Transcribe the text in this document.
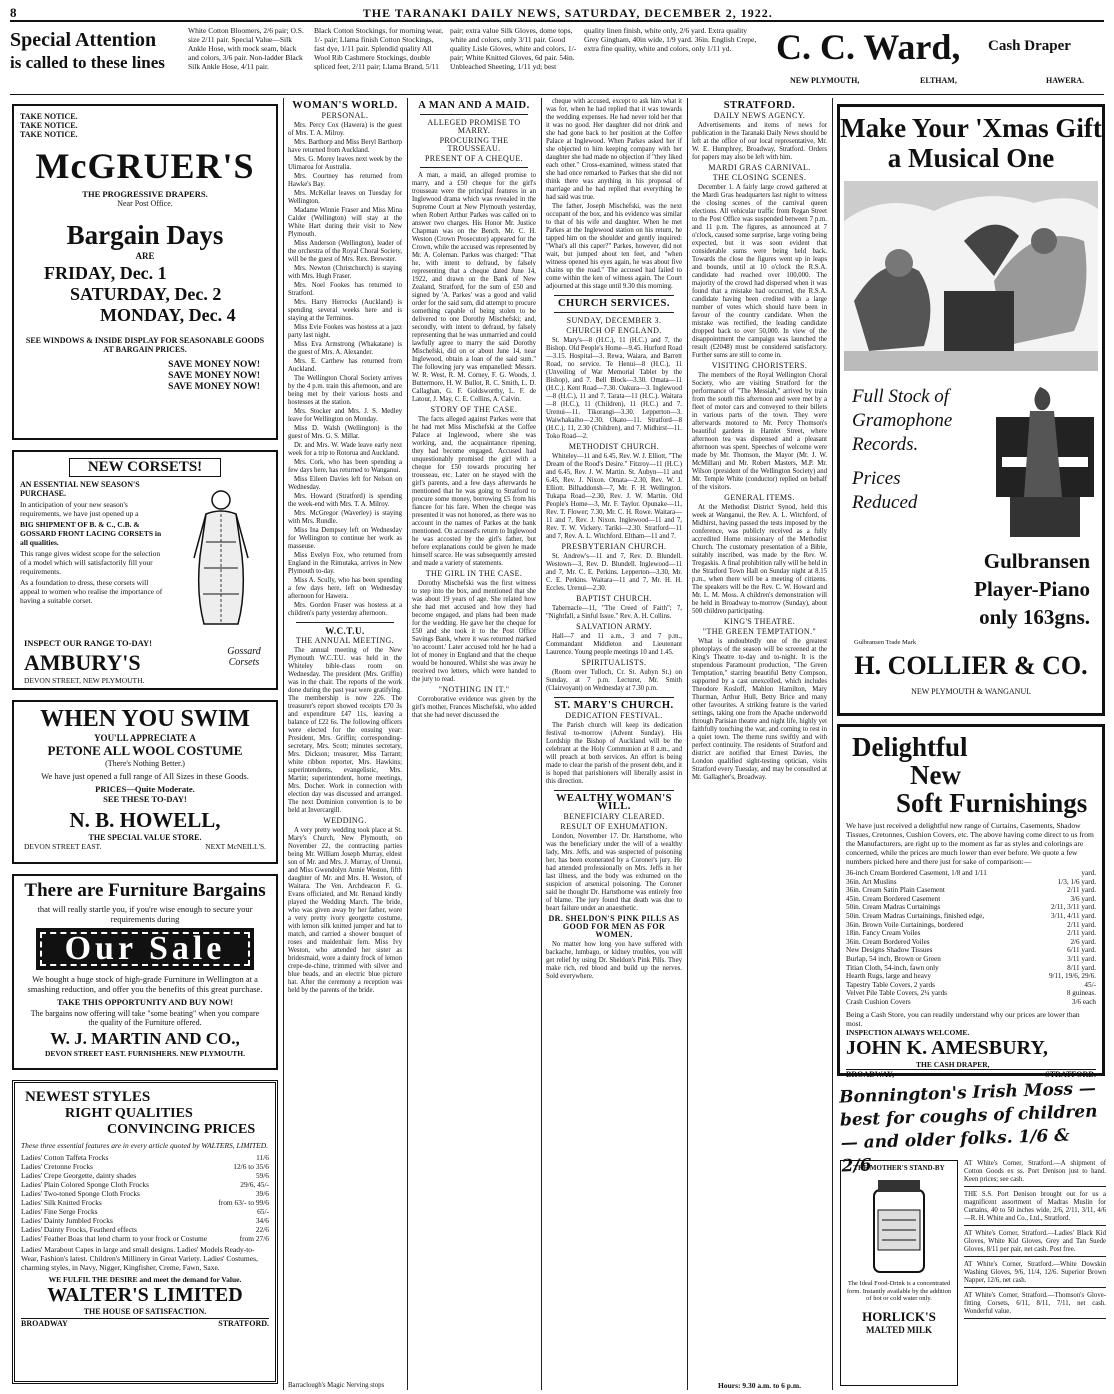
8	THE TARANAKI DAILY NEWS, SATURDAY, DECEMBER 2, 1922.
Special Attention
is called to these lines
White Cotton Bloomers, 2/6 pair; O.S. size 2/11 pair. Special Value—Silk Ankle Hose, with mock seam, black and colors, 3/6 pair. Non-ladder Black Silk Ankle Hose, 4/11 pair.
Black Cotton Stockings, for morning wear, 1/- pair; Llama finish Cotton Stockings, fast dye, 1/11 pair. Splendid quality All Wool Rib Cashmere Stockings, double spliced feet, 2/11 pair; Llama Brand, 5/11
pair; extra value Silk Gloves, dome tops, white and colors, only 3/11 pair. Good quality Lisle Gloves, white and colors, 1/- pair; White Knitted Gloves, 6d pair. 54in. Unbleached Sheeting, 1/11 yd; best
quality linen finish, white only, 2/6 yard. Extra quality Grey Gingham, 40in wide, 1/9 yard. 36in. English Crepe, extra fine quality, white and colors, only 1/11 yd.	C. C. Ward, Cash Draper
NEW PLYMOUTH,	ELTHAM,	HAWERA.
TAKE NOTICE.
TAKE NOTICE.
TAKE NOTICE.
McGRUER'S
THE PROGRESSIVE DRAPERS.
Near Post Office.
Bargain Days
ARE
FRIDAY, Dec. 1
SATURDAY, Dec. 2
MONDAY, Dec. 4
SEE WINDOWS & INSIDE DISPLAY FOR SEASONABLE GOODS AT BARGAIN PRICES.
SAVE MONEY NOW!
SAVE MONEY NOW!
SAVE MONEY NOW!
NEW CORSETS!
AN ESSENTIAL NEW SEASON'S PURCHASE.
In anticipation of your new season's requirements, we have just opened up a
BIG SHIPMENT OF B. & C., C.B. & GOSSARD FRONT LACING CORSETS in all qualities.
This range gives widest scope for the selection of a model which will satisfactorily fill your requirements.
As a foundation to dress, these corsets will appeal to women who realise the importance of having a suitable corset.
INSPECT OUR RANGE TO-DAY!
AMBURY'S
DEVON STREET, NEW PLYMOUTH.
Gossard Corsets
WHEN YOU SWIM
YOU'LL APPRECIATE A
PETONE ALL WOOL COSTUME
(There's Nothing Better.)
We have just opened a full range of All Sizes in these Goods.
PRICES—Quite Moderate.
SEE THESE TO-DAY!
N. B. HOWELL,
THE SPECIAL VALUE STORE.
DEVON STREET EAST.	NEXT McNEILL'S.
There are Furniture Bargains
that will really startle you, if you're wise enough to secure your requirements during
Our Sale
We bought a huge stock of high-grade Furniture in Wellington at a smashing reduction, and offer you the benefits of this great purchase.
TAKE THIS OPPORTUNITY AND BUY NOW!
The bargains now offering will take "some beating" when you compare the quality of the Furniture offered.
W. J. MARTIN AND CO.,
DEVON STREET EAST. FURNISHERS. NEW PLYMOUTH.
NEWEST STYLES
RIGHT QUALITIES
CONVINCING PRICES
These three essential features are in every article quoted by WALTERS, LIMITED.
Ladies' Cotton Taffeta Frocks	11/6
Ladies' Cretonne Frocks	12/6 to 35/6
Ladies' Crepe Georgette, dainty shades	59/6
Ladies' Plain Colored Sponge Cloth Frocks	29/6, 45/-
Ladies' Two-toned Sponge Cloth Frocks	39/6
Ladies' Silk Knitted Frocks	from 63/- to 99/6
Ladies' Fine Serge Frocks	65/-
Ladies' Dainty Jumbled Frocks	34/6
Ladies' Dainty Frocks, Featherd effects	22/6
Ladies' Feather Boas that lend charm to your frock or Costume	from 27/6
Ladies' Marabout Capes in large and small designs. Ladies' Models Ready-to-Wear, Fashion's latest. Children's Millinery in Great Variety. Ladies' Costumes, charming styles, in Navy, Nigger, Kingfisher, Creme, Fawn, Saxe.
WE FULFIL THE DESIRE and meet the demand for Value.
WALTER'S LIMITED
THE HOUSE OF SATISFACTION.
BROADWAY	STRATFORD.
WOMAN'S WORLD.
PERSONAL.

Mrs. Percy Cox (Hawera) is the guest of Mrs. T. A. Milroy.

Mrs. Barthorp and Miss Beryl Barthorp have returned from Auckland.

Mrs. G. Morey leaves next week by the Ulimaroa for Australia.

Mrs. Courtney has returned from Hawke's Bay.

Mrs. McKellar leaves on Tuesday for Wellington.

Madame Winnie Fraser and Miss Mina Calder (Wellington) will stay at the White Hart during their visit to New Plymouth.

Miss Anderson (Wellington), leader of the orchestra of the Royal Choral Society, will be the guest of Mrs. Rex. Brewster.

Mrs. Newton (Christchurch) is staying with Mrs. Hugh Fraser.

Mrs. Noel Fookes has returned to Stratford.

Mrs. Harry Herrocks (Auckland) is spending several weeks here and is staying at the Terminus.

Miss Evie Fookes was hostess at a jazz party last night.

Miss Eva Armstrong (Whakatane) is the guest of Mrs. A. Alexander.

Mrs. E. Carthew has returned from Auckland.

The Wellington Choral Society arrives by the 4 p.m. train this afternoon, and are being met by their various hosts and hostesses at the station.

Mrs. Stocker and Mrs. J. S. Medley leave for Wellington on Monday.

Miss D. Walsh (Wellington) is the guest of Mrs. G. S. Millar.

Dr. and Mrs. W. Wade leave early next week for a trip to Rotorua and Auckland.

Mrs. Cork, who has been spending a few days here, has returned to Wanganui.

Miss Eileen Davies left for Nelson on Wednesday.

Mrs. Howard (Stratford) is spending the week-end with Mrs. T. A. Milroy.

Mrs. McGregor (Waverley) is staying with Mrs. Rundle.

Miss Ina Dempsey left on Wednesday for Wellington to continue her work as masseuse.

Miss Evelyn Fox, who returned from England in the Rimutaka, arrives in New Plymouth to-day.

Miss A. Scully, who has been spending a few days here, left on Wednesday afternoon for Hawera.

Mrs. Gordon Fraser was hostess at a children's party yesterday afternoon.

W.C.T.U.
THE ANNUAL MEETING.

The annual meeting of the New Plymouth W.C.T.U. was held in the Whiteley bible-class room on Wednesday. The president (Mrs. Griffin) was in the chair. The reports of the work done during the past year were gratifying. The membership is now 226. The treasurer's report showed receipts £70 3s and expenditure £47 11s, leaving a balance of £22 6s. The following officers were elected for the ensuing year: President, Mrs. Griffin; corresponding-secretary, Mrs. Scott; minutes secretary, Mrs. Dickson; treasurer, Miss Tarrant; white ribbon reporter, Mrs. Hawkins; superintendents, evangelistic, Mrs. Martin; superintendent, home meetings, Mrs. Docher. Work in connection with election day was discussed and arranged. The next Dominion convention is to be held at Invercargill.

WEDDING.

A very pretty wedding took place at St. Mary's Church, New Plymouth, on November 22, the contracting parties being Mr. William Joseph Murray, eldest son of Mr. and Mrs. J. Murray, of Urenui, and Miss Gwendolyn Annie Weston, fifth daughter of Mr. and Mrs. H. Weston, of Waitara. The Ven. Archdeacon F. G. Evans officiated, and Mr. Renaud kindly played the Wedding March. The bride, who was given away by her father, wore a very pretty ivory georgette costume, with lemon silk knitted jumper and hat to match, and carried a shower bouquet of roses and maidenhair fern. Miss Ivy Weston, who attended her sister as bridesmaid, wore a dainty frock of lemon crepe-de-chine, trimmed with silver and blue beads, and an electric blue picture hat. After the ceremony a reception was held by the parents of the bride.

Barraclough's Magic Nerving stops
A MAN AND A MAID.
ALLEGED PROMISE TO MARRY.
PROCURING THE TROUSSEAU.
PRESENT OF A CHEQUE.

A man, a maid, an alleged promise to marry, and a £50 cheque for the girl's trousseau were the principal features in an Inglewood drama which was revealed in the Supreme Court at New Plymouth yesterday, when Robert Arthur Parkes was called on to answer two charges. His Honor Mr. Justice Chapman was on the Bench. Mr. C. H. Weston (Crown Prosecutor) appeared for the Crown, while the accused was represented by Mr. A. Coleman. Parkes was charged: "That he, with intent to defraud, by falsely representing that a cheque dated June 14, 1922, and drawn on the Bank of New Zealand, Stratford, for the sum of £50 and signed by 'A. Parkes' was a good and valid order for the said sum, did attempt to procure something capable of being stolen to be delivered to one Dorothy Mischefski; and, secondly, with intent to defraud, by falsely representing that he was unmarried and could lawfully agree to marry the said Dorothy Mischefski, did on or about June 14, near Inglewood, obtain a loan of the said sum." The following jury was empanelled: Messrs. W. R. West, R. M. Corney, F. G. Woods, J. Buttermore, H. W. Bullot, R. C. Smith, L. D. Callaghan, G. F. Goldsworthy, L. F. de Latour, J. May, C. E. Collins, A. Calvin.

STORY OF THE CASE.

The facts alleged against Parkes were that he had met Miss Mischefski at the Coffee Palace at Inglewood, where she was working, and, the acquaintance ripening, they had become engaged. Accused had unquestionably promised the girl with a cheque for £50 towards procuring her trousseau, etc. Later on he stayed with the girl's parents, and a few days afterwards he mentioned that he was going to Stratford to procure some money, borrowing £5 from his fiancee for his fare. When the cheque was presented it was not honored, as there was no account in the names of Parkes at the bank mentioned. On accused's return to Inglewood he was accosted by the girl's father, but before explanations could be given he made himself scarce. He was subsequently arrested and made a variety of statements.

THE GIRL IN THE CASE.

Dorothy Mischefski was the first witness to step into the box, and mentioned that she was about 19 years of age. She related how she had met accused and how they had become engaged, and plans had been made for the wedding. He gave her the cheque for £50 and she took it to the Post Office Savings Bank, where it was returned marked 'no account.' Later accused told her he had a lot of money in England and that the cheque would be honoured. Whilst she was away he received two letters, which were handed to the jury to read.

"NOTHING IN IT."

Corroborative evidence was given by the girl's mother, Frances Mischefski, who added that she had never discussed the

cheque with accused, except to ask him what it was for, when he had replied that it was towards the wedding expenses. He had never told her that it was no good. Her daughter did not drink and she had gone back to her position at the Coffee Palace at Inglewood. When Parkes asked her if she objected to him keeping company with her daughter she had made no objection if "they liked each other." Cross-examined, witness stated that she had once remarked to Parkes that she did not think there was anything in his proposal of marriage and he had replied that everything he had said was true.

The father, Joseph Mischefski, was the next occupant of the box, and his evidence was similar to that of his wife and daughter. When he met Parkes at the Inglewood station on his return, he tapped him on the shoulder and gently inquired: "What's all this caper?" Parkes, however, did not wait, but jumped about ten feet, and "when witness opened his eyes again, he was about five chains up the road." The accused had failed to come within the ken of witness again. The Court adjourned at this stage until 9.30 this morning.

CHURCH SERVICES.
SUNDAY, DECEMBER 3.
CHURCH OF ENGLAND.

St. Mary's—8 (H.C.), 11 (H.C.) and 7, the Bishop. Old People's Home—9.45. Hurford Road—3.15. Hospital—3. Rewa, Waiara, and Barrett Road, no service. Te Henui—8 (H.C.), 11 (Unveiling of War Memorial Tablet by the Bishop), and 7. Bell Block—3.30. Omata—11 (H.C.). Kent Road—7.30. Oakura—3. Inglewood—8 (H.C.), 11 and 7. Tarata—11 (H.C.). Waitara—8 (H.C.), 11 (Children), 11 (H.C.) and 7. Urenui—11. Tikorangi—3.30. Lepperton—3. Waiwhakaiho—2.30. Okato—11. Stratford—8 (H.C.), 11, 2.30 (Children), and 7. Midhirst—11. Toko Road—2.

METHODIST CHURCH.

Whiteley—11 and 6.45, Rev. W. J. Elliott, "The Dream of the Rood's Desire." Fitzroy—11 (H.C.) and 6.45, Rev. J. W. Martin. St. Aubyn—11 and 6.45, Rev. J. Nixon. Omata—2.30, Rev. W. J. Elliott. Bilhaddonsh—7, Mr. F. H. Wellington. Tukapa Road—2.30, Rev. J. W. Martin. Old People's Home—3, Mr. F. Taylor. Opunake—11, Rev. T. Flower; 7.30, Mr. C. H. Rowe. Waitara—11 and 7, Rev. J. Nixon. Inglewood—11 and 7, Rev. T. W. Vickery. Tariki—2.30. Stratford—11 and 7, Rev. A. L. Witchford. Eltham—11 and 7.

PRESBYTERIAN CHURCH.

St. Andrew's—11 and 7, Rev. D. Blundell. Westown—3, Rev. D. Blundell. Inglewood—11 and 7, Mr. C. E. Perkins. Lepperton—3.30, Mr. C. E. Perkins. Waitara—11 and 7, Mr. H. H. Eccles. Urenui—2.30.

BAPTIST CHURCH.

Tabernacle—11, "The Creed of Faith"; 7, "Nightfall, a Sinful Issue." Rev. A. H. Collins.

SALVATION ARMY.

Hall—7 and 11 a.m., 3 and 7 p.m., Commandant Middleton and Lieutenant Laurence. Young people meetings 10 and 1.45.

SPIRITUALISTS.

(Room over Tulloch, Cr. St. Aubyn St.) on Sunday, at 7 p.m. Lecturer, Mr. Smith (Clairvoyant) on Wednesday at 7.30 p.m.

ST. MARY'S CHURCH.
DEDICATION FESTIVAL.

The Parish church will keep its dedication festival to-morrow (Advent Sunday). His Lordship the Bishop of Auckland will be the celebrant at the Holy Communion at 8 a.m., and will preach at both services. An effort is being made to clear the parish of the present debt, and it is hoped that parishioners will liberally assist in this direction.

WEALTHY WOMAN'S WILL.
BENEFICIARY CLEARED.
RESULT OF EXHUMATION.

London, November 17. Dr. Hartsthorne, who was the beneficiary under the will of a wealthy lady, Mrs. Jeffs, and was suspected of poisoning her, has been exonerated by a Coroner's jury. He had attended professionally on Mrs. Jeffs in her last illness, and the body was exhumed on the suspicion of arsenical poisoning. The Coroner said he thought Dr. Hartsthorne was entirely free of blame. The jury found that death was due to heart failure under an anaesthetic.

DR. SHELDON'S PINK PILLS AS GOOD FOR MEN AS FOR WOMEN.

No matter how long you have suffered with backache, lumbago, or kidney troubles, you will get relief by using Dr. Sheldon's Pink Pills. They make rich, red blood and build up the nerves. Sold everywhere.

STRATFORD.
DAILY NEWS AGENCY.

Advertisements and items of news for publication in the Taranaki Daily News should be left at the office of our local representative, Mr. W. E. Humphrey, Broadway, Stratford. Orders for papers may also be left with him.

MARDI GRAS CARNIVAL.
THE CLOSING SCENES.

December 1. A fairly large crowd gathered at the Mardi Gras headquarters last night to witness the closing scenes of the carnival queen elections. All vehicular traffic from Regan Street to the Post Office was suspended between 7 p.m. and 11 p.m. The figures, as announced at 7 o'clock, caused some surprise, large voting being expected, but it was soon evident that considerable sums were being held back. Towards the close the figures went up in leaps and bounds, until at 10 o'clock the R.S.A. candidate had reached over 100,000. The majority of the crowd had dispersed when it was found that a mistake had occurred, the R.S.A. candidate having been credited with a large number of votes which should have been in favour of the country candidate. When the mistake was rectified, the leading candidate dropped back to over 50,000. In view of the disappointment the campaign was launched the result (£2048) must be considered satisfactory. Further sums are still to come in.

VISITING CHORISTERS.

The members of the Royal Wellington Choral Society, who are visiting Stratford for the performance of "The Messiah," arrived by train from the south this afternoon and were met by a fleet of motor cars and conveyed to their billets in various parts of the town. They were afterwards motored to Mr. Percy Thomson's beautiful gardens in Hamlet Street, where afternoon tea was dispensed and a pleasant afternoon was spent. Speeches of welcome were made by Mr. Thomson, the Mayor (Mr. J. W. McMillan) and Mr. Robert Masters, M.P. Mr. Wilson (president of the Wellington Society) and Mr. Temple White (conductor) replied on behalf of the visitors.

GENERAL ITEMS.

At the Methodist District Synod, held this week at Wanganui, the Rev. A. L. Witchford, of Midhirst, having passed the tests imposed by the conference, was publicly received as a fully accredited Home missionary of the Methodist Church. The customary presentation of a Bible, suitably inscribed, was made by the Rev. W. Tregaskis. A final prohibition rally will be held in the Stratford Town Hall on Sunday night at 8.15 p.m., when there will be a meeting of citizens. The speakers will be the Rev. C. W. Howard and Mr. L. M. Moss. A children's demonstration will be held in Broadway to-morrow (Sunday), about 500 children participating.

KING'S THEATRE.
"THE GREEN TEMPTATION."

What is undoubtedly one of the greatest photoplays of the season will be screened at the King's Theatre to-day and to-night. It is the stupendous Paramount production, "The Green Temptation," starring beautiful Betty Compson, supported by a cast unexcelled, which includes Theodore Kosloff, Mahlon Hamilton, Mary Thurman, Arthur Hull, Betty Brice and many other favourites. A striking feature is the varied settings, taking one from the Apache underworld through Parisian theatre and night life, highly yet faithfully touching the war, and coming to rest in a quiet town. The theme runs swiftly and with perfect continuity. The residents of Stratford and district are notified that Ernest Davies, the London qualified sight-testing optician, visits Stratford every Tuesday, and may be consulted at Mr. Gallagher's, Broadway.

Hours: 9.30 a.m. to 6 p.m.
Make Your 'Xmas Gift
a Musical One
Full Stock of
Gramophone
Records.
Prices
Reduced
Gulbransen
Player-Piano
only 163gns.
Gulbransen Trade Mark
H. COLLIER & CO.
NEW PLYMOUTH & WANGANUI.
Delightful
New
Soft Furnishings
We have just received a delightful new range of Curtains, Casements, Shadow Tissues, Cretonnes, Cushion Covers, etc. The above having come direct to us from the Manufacturers, are right up to the moment as far as styles and colorings are concerned, while the prices are much lower than ever before. We quote a few numbers picked here and there just for sake of comparison:—
36-inch Cream Bordered Casement, 1/8 and 1/11	yard.
36in. Art Muslins	1/3, 1/6 yard.
36in. Cream Satin Plain Casement	2/11 yard.
45in. Cream Bordered Casement	3/6 yard.
50in. Cream Madras Curtainings	2/11, 3/11 yard.
50in. Cream Madras Curtainings, finished edge,	3/11, 4/11 yard.
36in. Brown Voile Curtainings, bordered	2/11 yard.
18in. Fancy Cream Voiles	2/11 yard.
36in. Cream Bordered Voiles	2/6 yard.
New Designs Shadow Tissues	6/11 yard.
Burlap, 54 inch, Brown or Green	3/11 yard.
Titian Cloth, 54-inch, fawn only	8/11 yard.
Hearth Rugs, large and heavy	9/11, 19/6, 29/6.
Tapestry Table Covers, 2 yards	45/-
Velvet Pile Table Covers, 2¼ yards	8 guineas.
Crash Cushion Covers	3/6 each
Being a Cash Store, you can readily understand why our prices are lower than most.
INSPECTION ALWAYS WELCOME.
JOHN K. AMESBURY,
THE CASH DRAPER,
BROADWAY,	STRATFORD.
Bonnington's Irish Moss — best for coughs of children — and older folks. 1/6 & 2/6
THE MOTHER'S STAND-BY
The Ideal Food-Drink is a concentrated form. Instantly available by the addition of hot or cold water only.
HORLICK'S
MALTED MILK

AT White's Corner, Stratford.—A shipment of Cotton Goods ex ss. Port Denison just to hand. Keen prices; see cash.

THE S.S. Port Denison brought out for us a magnificent assortment of Madras Muslin for Curtains, 40 to 50 inches wide, 2/6, 2/11, 3/11, 4/6—R. H. White and Co., Ltd., Stratford.

AT White's Corner, Stratford.—Ladies' Black Kid Gloves, White Kid Gloves, Grey and Tan Suede Gloves, 8/11 per pair, net cash. Post free.

AT White's Corner, Stratford.—White Dowskin Washing Gloves, 9/6, 11/4, 12/6. Superior Brown Napper, 12/6, net cash.

AT White's Corner, Stratford.—Thomson's Glove-fitting Corsets, 6/11, 8/11, 7/11, net cash. Wonderful value.
